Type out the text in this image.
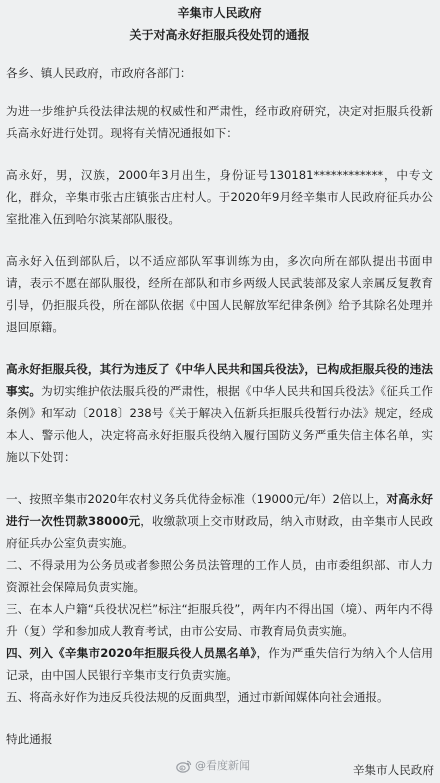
辛集市人民政府
关于对高永好拒服兵役处罚的通报
各乡、镇人民政府，市政府各部门：
为进一步维护兵役法律法规的权威性和严肃性，经市政府研究，决定对拒服兵役新兵高永好进行处罚。现将有关情况通报如下：
高永好，男，汉族，2000年3月出生，身份证号130181************，中专文化，群众，辛集市张古庄镇张古庄村人。于2020年9月经辛集市人民政府征兵办公室批准入伍到哈尔滨某部队服役。
高永好入伍到部队后，以不适应部队军事训练为由，多次向所在部队提出书面申请，表示不愿在部队服役，经所在部队和市乡两级人民武装部及家人亲属反复教育引导，仍拒服兵役，所在部队依据《中国人民解放军纪律条例》给予其除名处理并退回原籍。
高永好拒服兵役，其行为违反了《中华人民共和国兵役法》，已构成拒服兵役的违法事实。为切实维护依法服兵役的严肃性，根据《中华人民共和国兵役法》《征兵工作条例》和军动〔2018〕238号《关于解决入伍新兵拒服兵役暂行办法》规定，经成本人、警示他人，决定将高永好拒服兵役纳入履行国防义务严重失信主体名单，实施以下处罚：
一、按照辛集市2020年农村义务兵优待金标准（19000元/年）2倍以上，对高永好进行一次性罚款38000元，收缴款项上交市财政局，纳入市财政，由辛集市人民政府征兵办公室负责实施。
二、不得录用为公务员或者参照公务员法管理的工作人员，由市委组织部、市人力资源社会保障局负责实施。
三、在本人户籍“兵役状况栏”标注“拒服兵役”，两年内不得出国（境）、两年内不得升（复）学和参加成人教育考试，由市公安局、市教育局负责实施。
四、列入《辛集市2020年拒服兵役人员黑名单》，作为严重失信行为纳入个人信用记录，由中国人民银行辛集市支行负责实施。
五、将高永好作为违反兵役法规的反面典型，通过市新闻媒体向社会通报。
特此通报
@看度新闻	辛集市人民政府
